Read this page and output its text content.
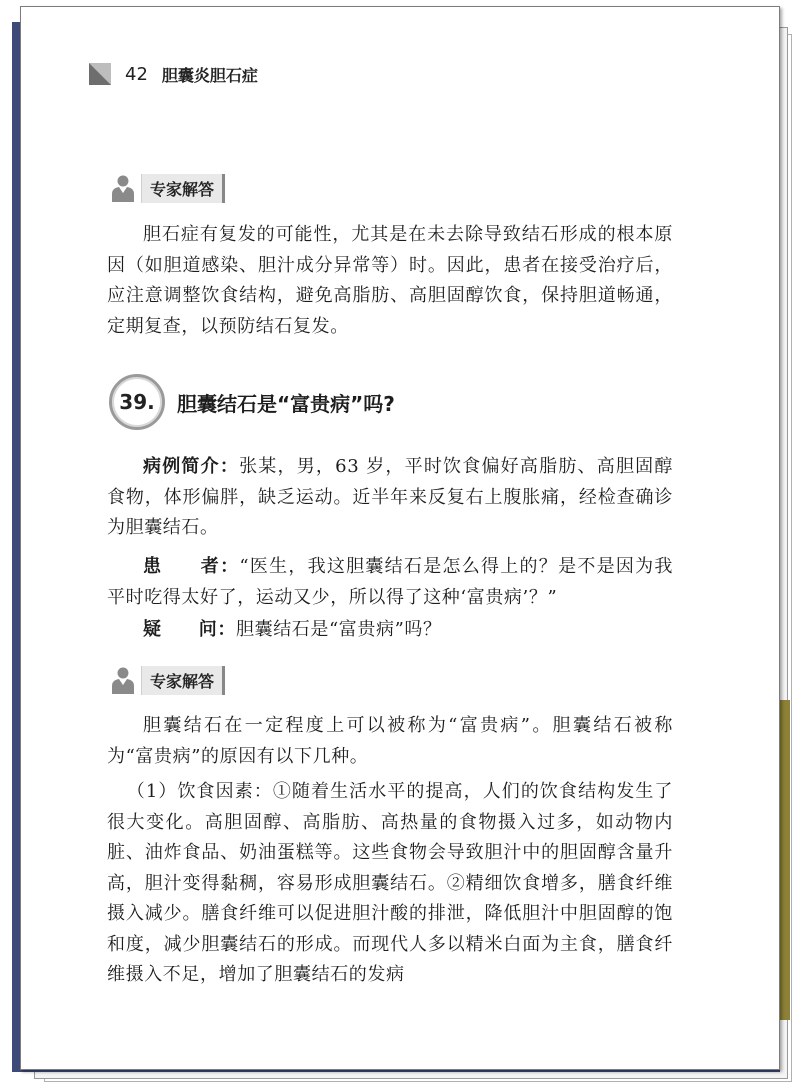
42 胆囊炎胆石症
专家解答

胆石症有复发的可能性，尤其是在未去除导致结石形成的根本原因（如胆道感染、胆汁成分异常等）时。因此，患者在接受治疗后，应注意调整饮食结构，避免高脂肪、高胆固醇饮食，保持胆道畅通，定期复查，以预防结石复发。

39.	胆囊结石是“富贵病”吗?

病例简介：张某，男，63 岁，平时饮食偏好高脂肪、高胆固醇食物，体形偏胖，缺乏运动。近半年来反复右上腹胀痛，经检查确诊为胆囊结石。

患　　者：“医生，我这胆囊结石是怎么得上的？是不是因为我平时吃得太好了，运动又少，所以得了这种‘富贵病’？”

疑　　问：胆囊结石是“富贵病”吗？

专家解答

胆囊结石在一定程度上可以被称为“富贵病”。胆囊结石被称为“富贵病”的原因有以下几种。

（1）饮食因素：①随着生活水平的提高，人们的饮食结构发生了很大变化。高胆固醇、高脂肪、高热量的食物摄入过多，如动物内脏、油炸食品、奶油蛋糕等。这些食物会导致胆汁中的胆固醇含量升高，胆汁变得黏稠，容易形成胆囊结石。②精细饮食增多，膳食纤维摄入减少。膳食纤维可以促进胆汁酸的排泄，降低胆汁中胆固醇的饱和度，减少胆囊结石的形成。而现代人多以精米白面为主食，膳食纤维摄入不足，增加了胆囊结石的发病
